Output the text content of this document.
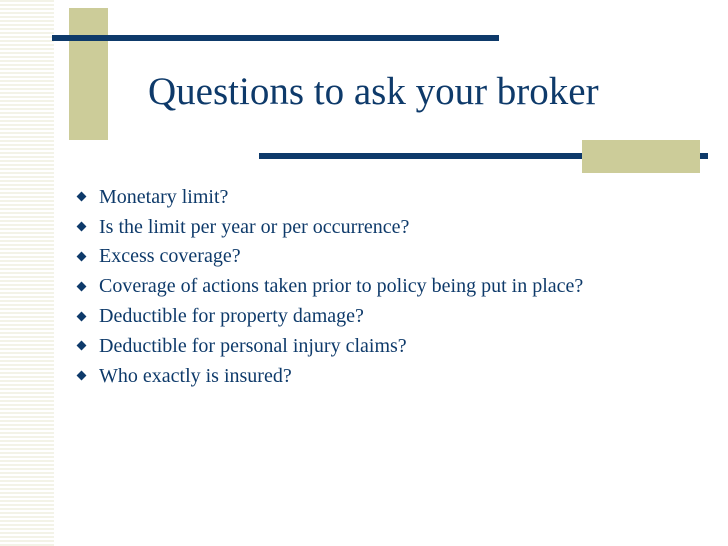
Questions to ask your broker
Monetary limit?
Is the limit per year or per occurrence?
Excess coverage?
Coverage of actions taken prior to policy being put in place?
Deductible for property damage?
Deductible for personal injury claims?
Who exactly is insured?
